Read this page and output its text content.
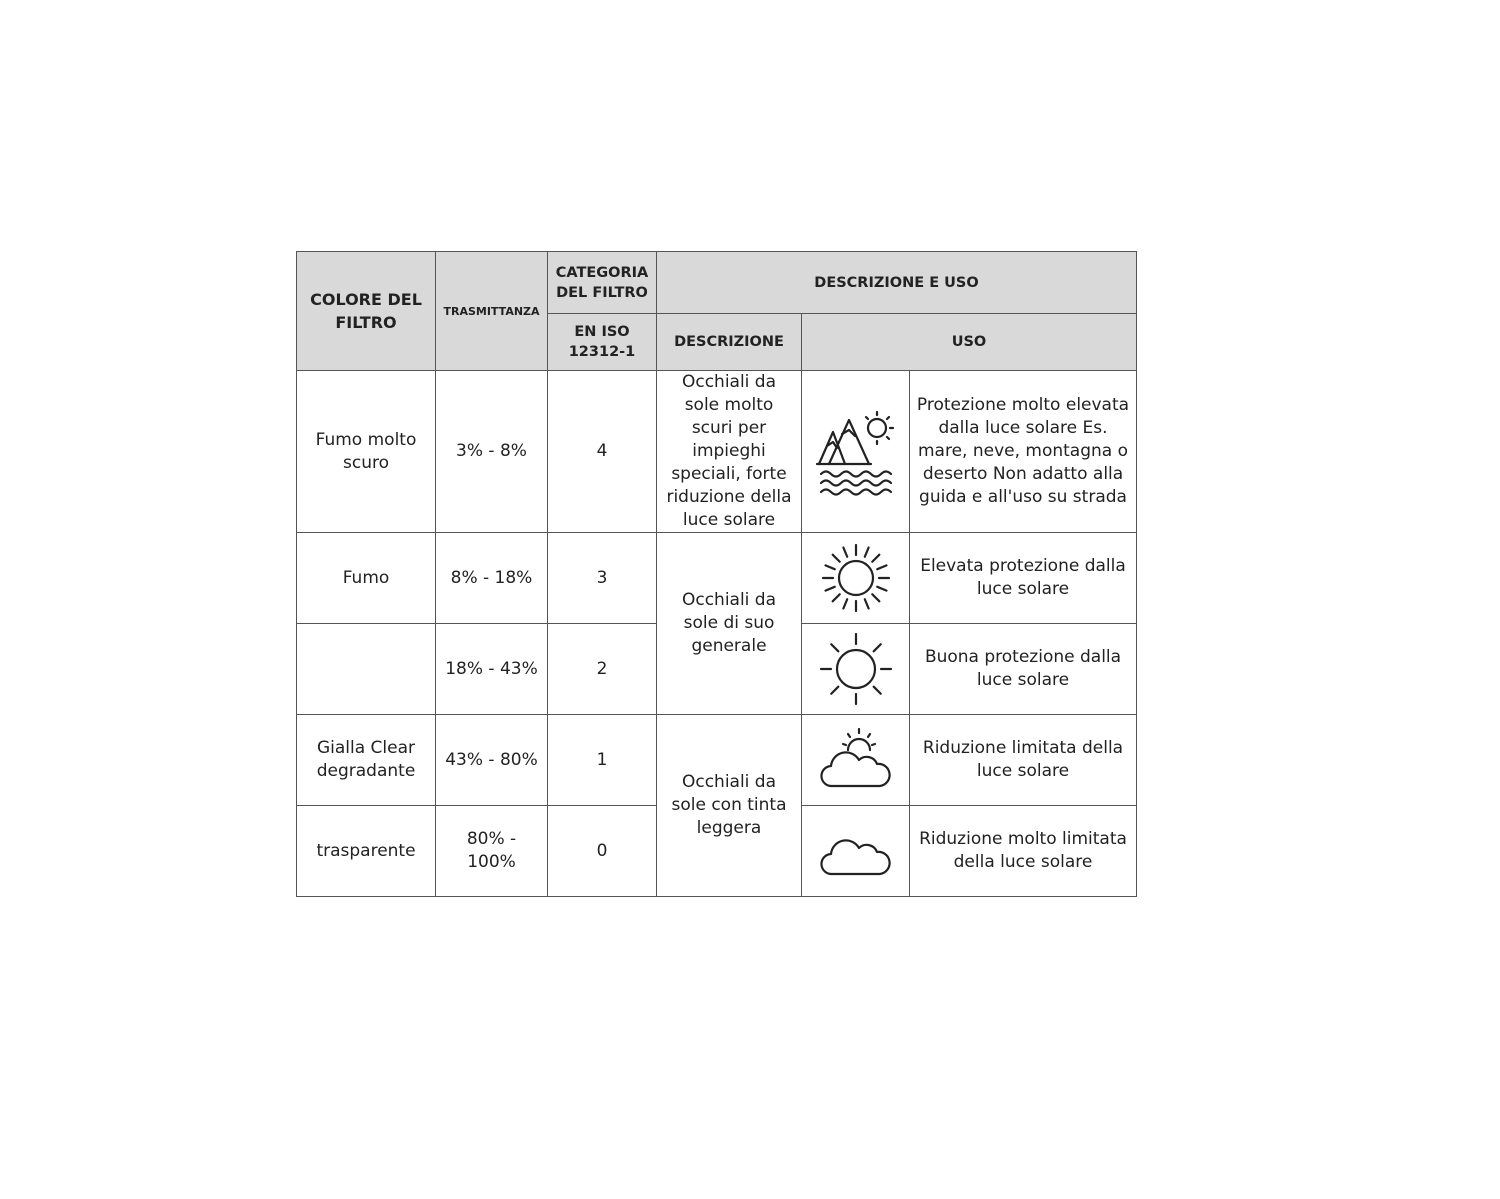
COLORE DEL FILTRO	TRASMITTANZA	CATEGORIA DEL FILTRO	DESCRIZIONE E USO		
		EN ISO 12312-1	DESCRIZIONE	USO	
Fumo molto scuro	3% - 8%	4	Occhiali da sole molto scuri per impieghi speciali, forte riduzione della luce solare		Protezione molto elevata dalla luce solare Es. mare, neve, montagna o deserto Non adatto alla guida e all'uso su strada
Fumo	8% - 18%	3	Occhiali da sole di suo generale		Elevata protezione dalla luce solare
	18% - 43%	2			Buona protezione dalla luce solare
Gialla Clear degradante	43% - 80%	1	Occhiali da sole con tinta leggera		Riduzione limitata della luce solare
trasparente	80% - 100%	0			Riduzione molto limitata della luce solare
